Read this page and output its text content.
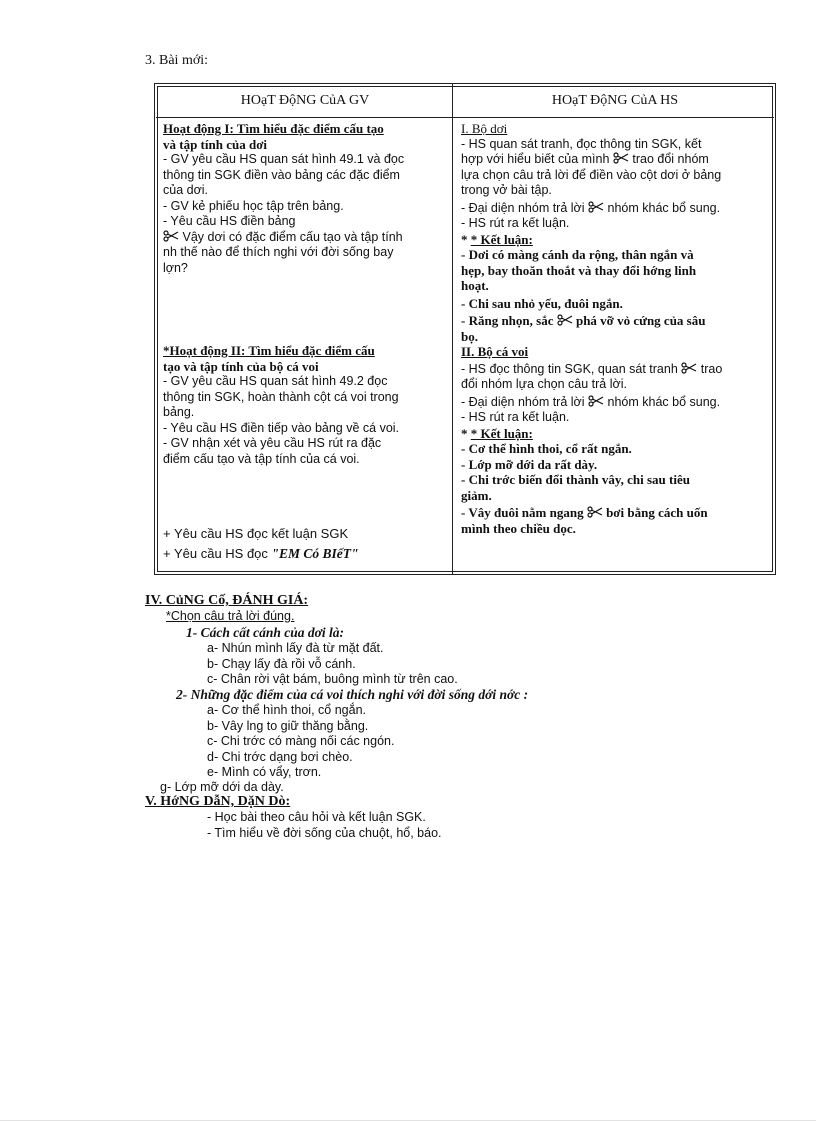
3. Bài mới:
HOạT ĐộNG CủA GV	HOạT ĐộNG CủA HS
Hoạt động I: Tìm hiểu đặc điểm cấu tạo
và tập tính của dơi
- GV yêu cầu HS quan sát hình 49.1 và đọc
thông tin SGK điền vào bảng các đặc điểm
của dơi.
- GV kẻ phiếu học tập trên bảng.
- Yêu cầu HS điền bảng
Vậy dơi có đặc điểm cấu tạo và tập tính
nh thế nào để thích nghi với đời sống bay
lợn?
*Hoạt động II: Tìm hiểu đặc điểm cấu
tạo và tập tính của bộ cá voi
- GV yêu cầu HS quan sát hình 49.2 đọc
thông tin SGK, hoàn thành cột cá voi trong
bảng.
- Yêu cầu HS điền tiếp vào bảng về cá voi.
- GV nhận xét và yêu cầu HS rút ra đặc
điểm cấu tạo và tập tính của cá voi.
+ Yêu cầu HS đọc kết luận SGK
+ Yêu cầu HS đọc "EM Có BIếT"
I. Bộ dơi
- HS quan sát tranh, đọc thông tin SGK, kết
hợp với hiểu biết của mình trao đổi nhóm
lựa chọn câu trả lời để điền vào cột dơi ở bảng
trong vở bài tập.
- Đại diện nhóm trả lời nhóm khác bổ sung.
- HS rút ra kết luận.
* * Kết luận:
- Dơi có màng cánh da rộng, thân ngắn và
hẹp, bay thoăn thoắt và thay đổi hớng linh
hoạt.
- Chi sau nhỏ yếu, đuôi ngắn.
- Răng nhọn, sắc phá vỡ vỏ cứng của sâu
bọ.
II. Bộ cá voi
- HS đọc thông tin SGK, quan sát tranh trao
đổi nhóm lựa chọn câu trả lời.
- Đại diện nhóm trả lời nhóm khác bổ sung.
- HS rút ra kết luận.
* * Kết luận:
- Cơ thể hình thoi, cổ rất ngắn.
- Lớp mỡ dới da rất dày.
- Chi trớc biến đổi thành vây, chi sau tiêu
giảm.
- Vây đuôi nằm ngang bơi bằng cách uốn
mình theo chiều dọc.
IV. CủNG Cố, ĐÁNH GIÁ:
*Chọn câu trả lời đúng.
1- Cách cất cánh của dơi là:
a- Nhún mình lấy đà từ mặt đất.
b- Chạy lấy đà rồi vỗ cánh.
c- Chân rời vật bám, buông mình từ trên cao.
2- Những đặc điểm của cá voi thích nghi với đời sống dới nớc :
a- Cơ thể hình thoi, cổ ngắn.
b- Vây lng to giữ thăng bằng.
c- Chi trớc có màng nối các ngón.
d- Chi trớc dạng bơi chèo.
e- Mình có vẩy, trơn.
g- Lớp mỡ dới da dày.
V. HớNG DẫN, DặN Dò:
- Học bài theo câu hỏi và kết luận SGK.
- Tìm hiểu về đời sống của chuột, hổ, báo.
